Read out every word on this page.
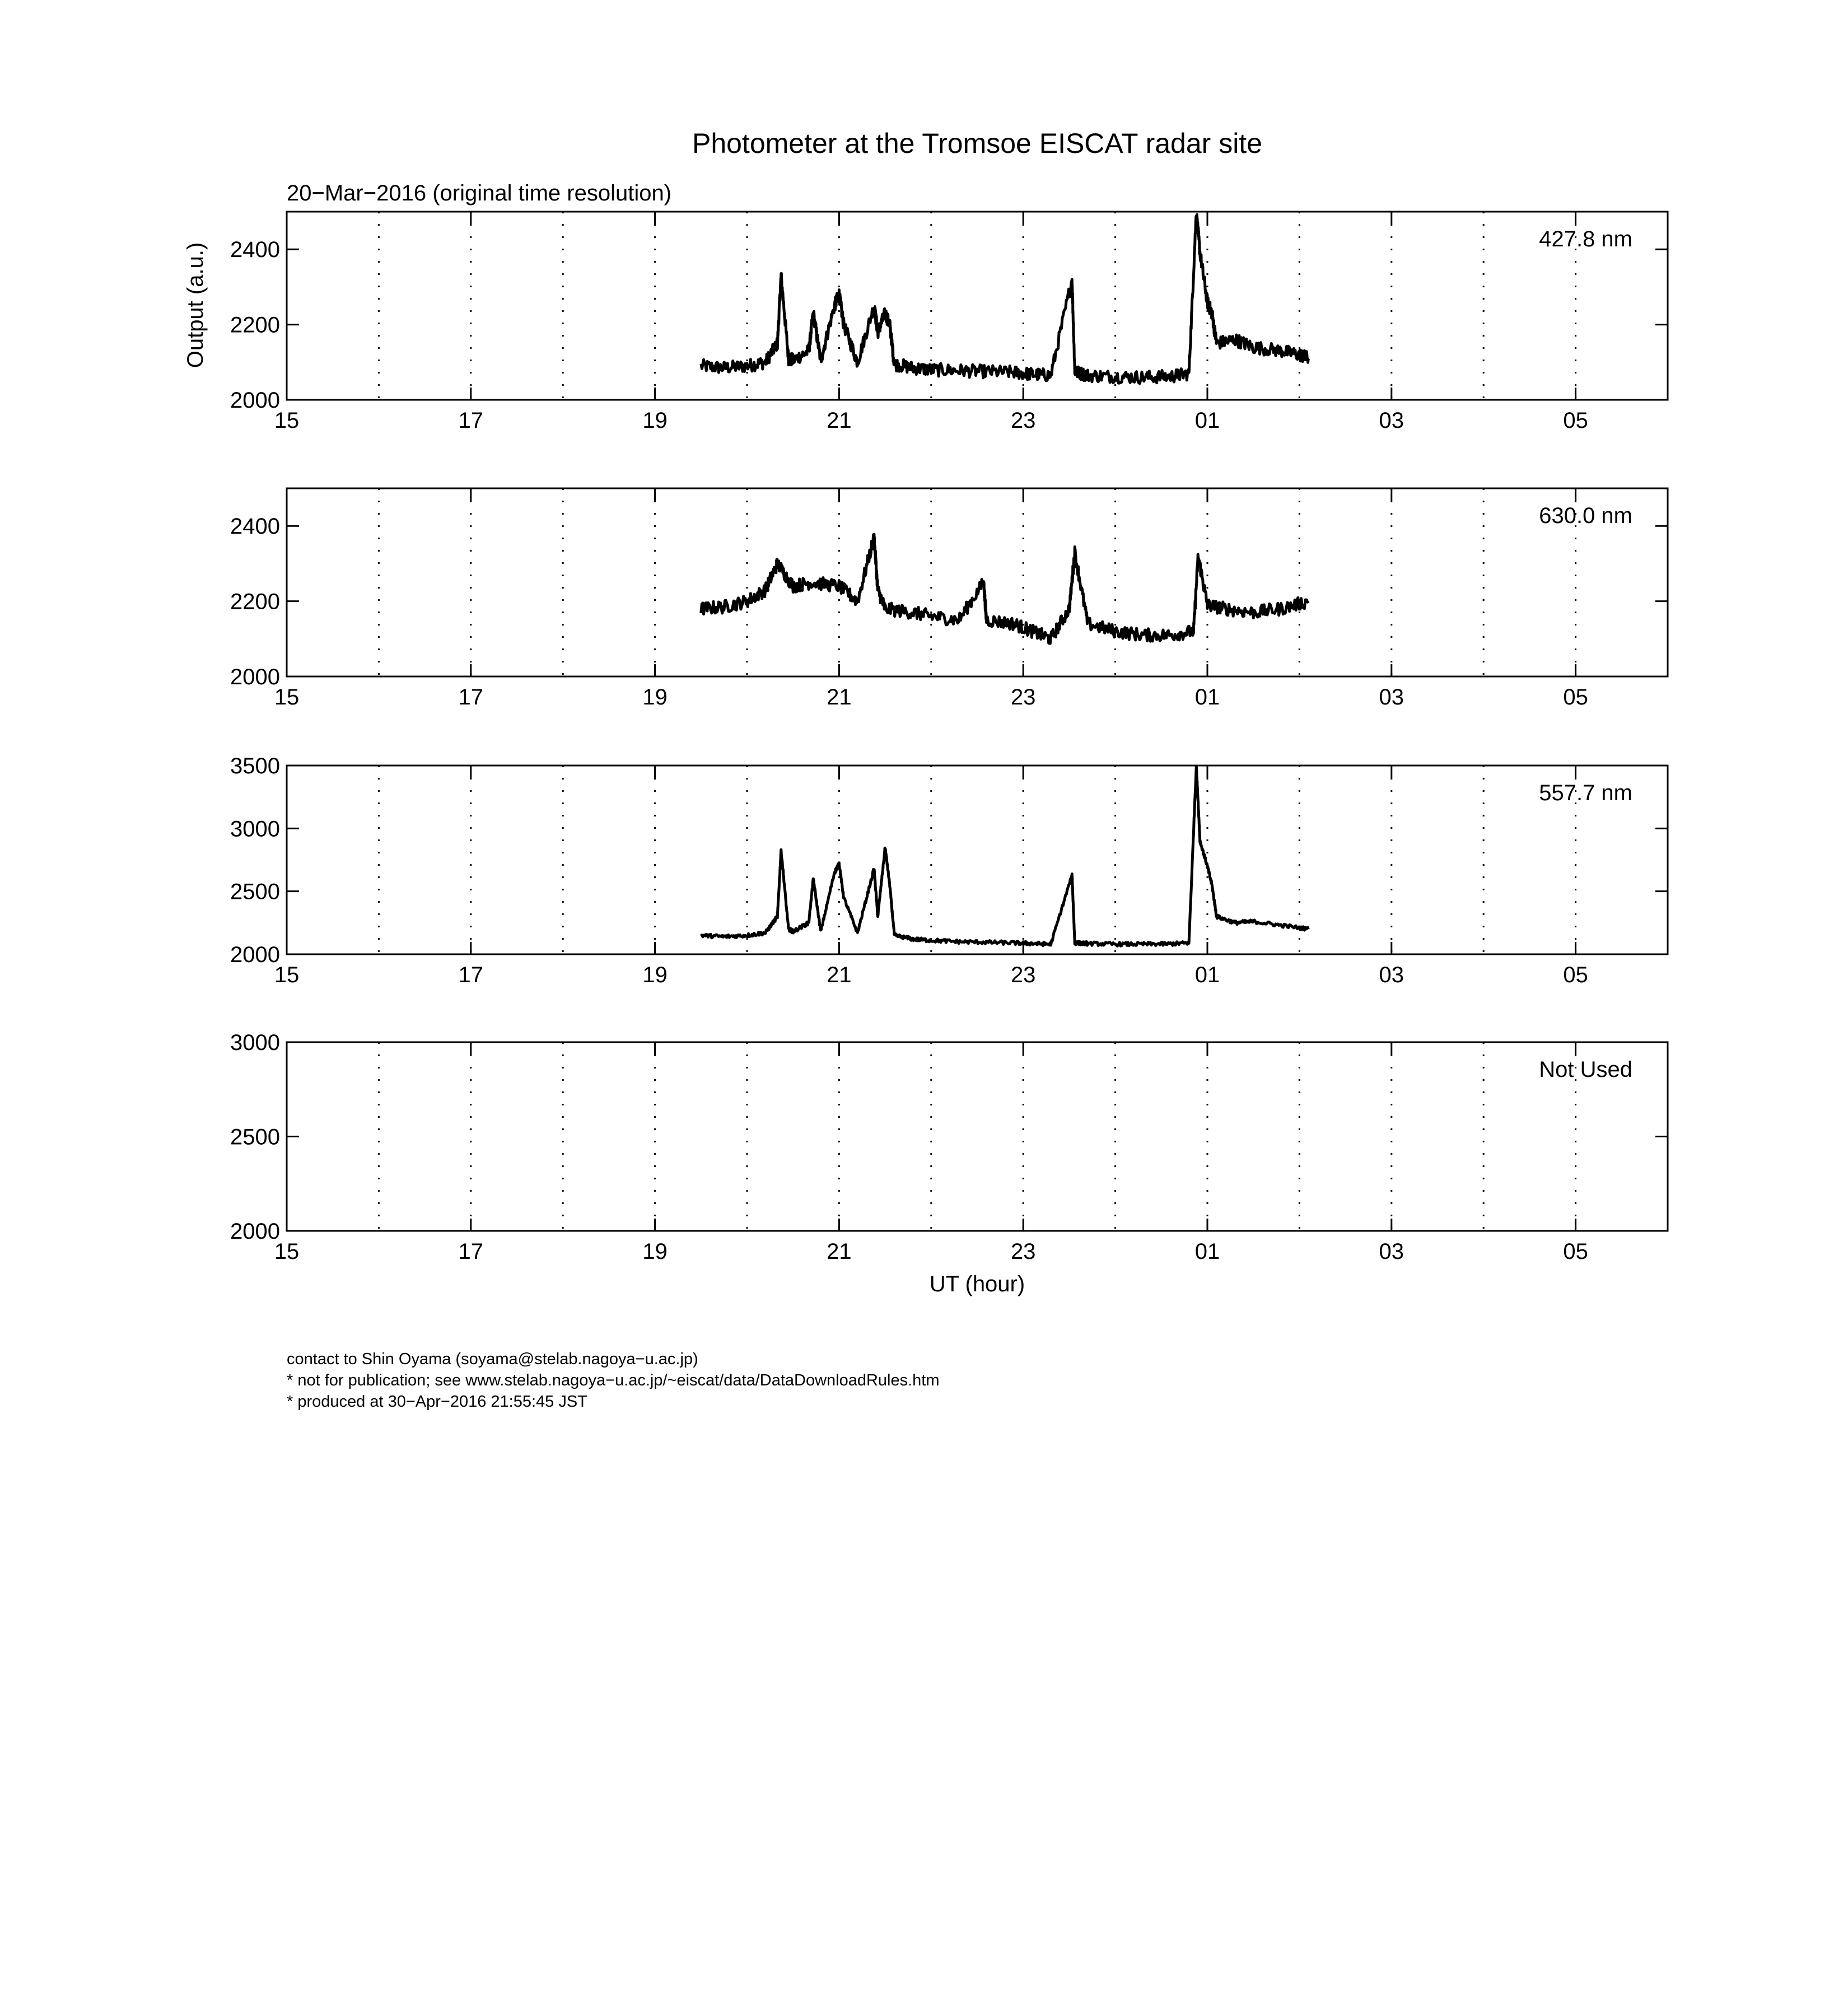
Photometer at the Tromsoe EISCAT radar site
20−Mar−2016 (original time resolution)
Output (a.u.)
UT (hour)
15	17	19	21	23	01	03	05
2000
2200
2400	427.8 nm
15	17	19	21	23	01	03	05
2000
2200
2400	630.0 nm
15	17	19	21	23	01	03	05
2000
2500
3000
3500
557.7 nm
15	17	19	21	23	01	03	05
2000
2500
3000
Not Used
contact to Shin Oyama (soyama@stelab.nagoya−u.ac.jp)
* not for publication; see www.stelab.nagoya−u.ac.jp/~eiscat/data/DataDownloadRules.htm
* produced at 30−Apr−2016 21:55:45 JST
